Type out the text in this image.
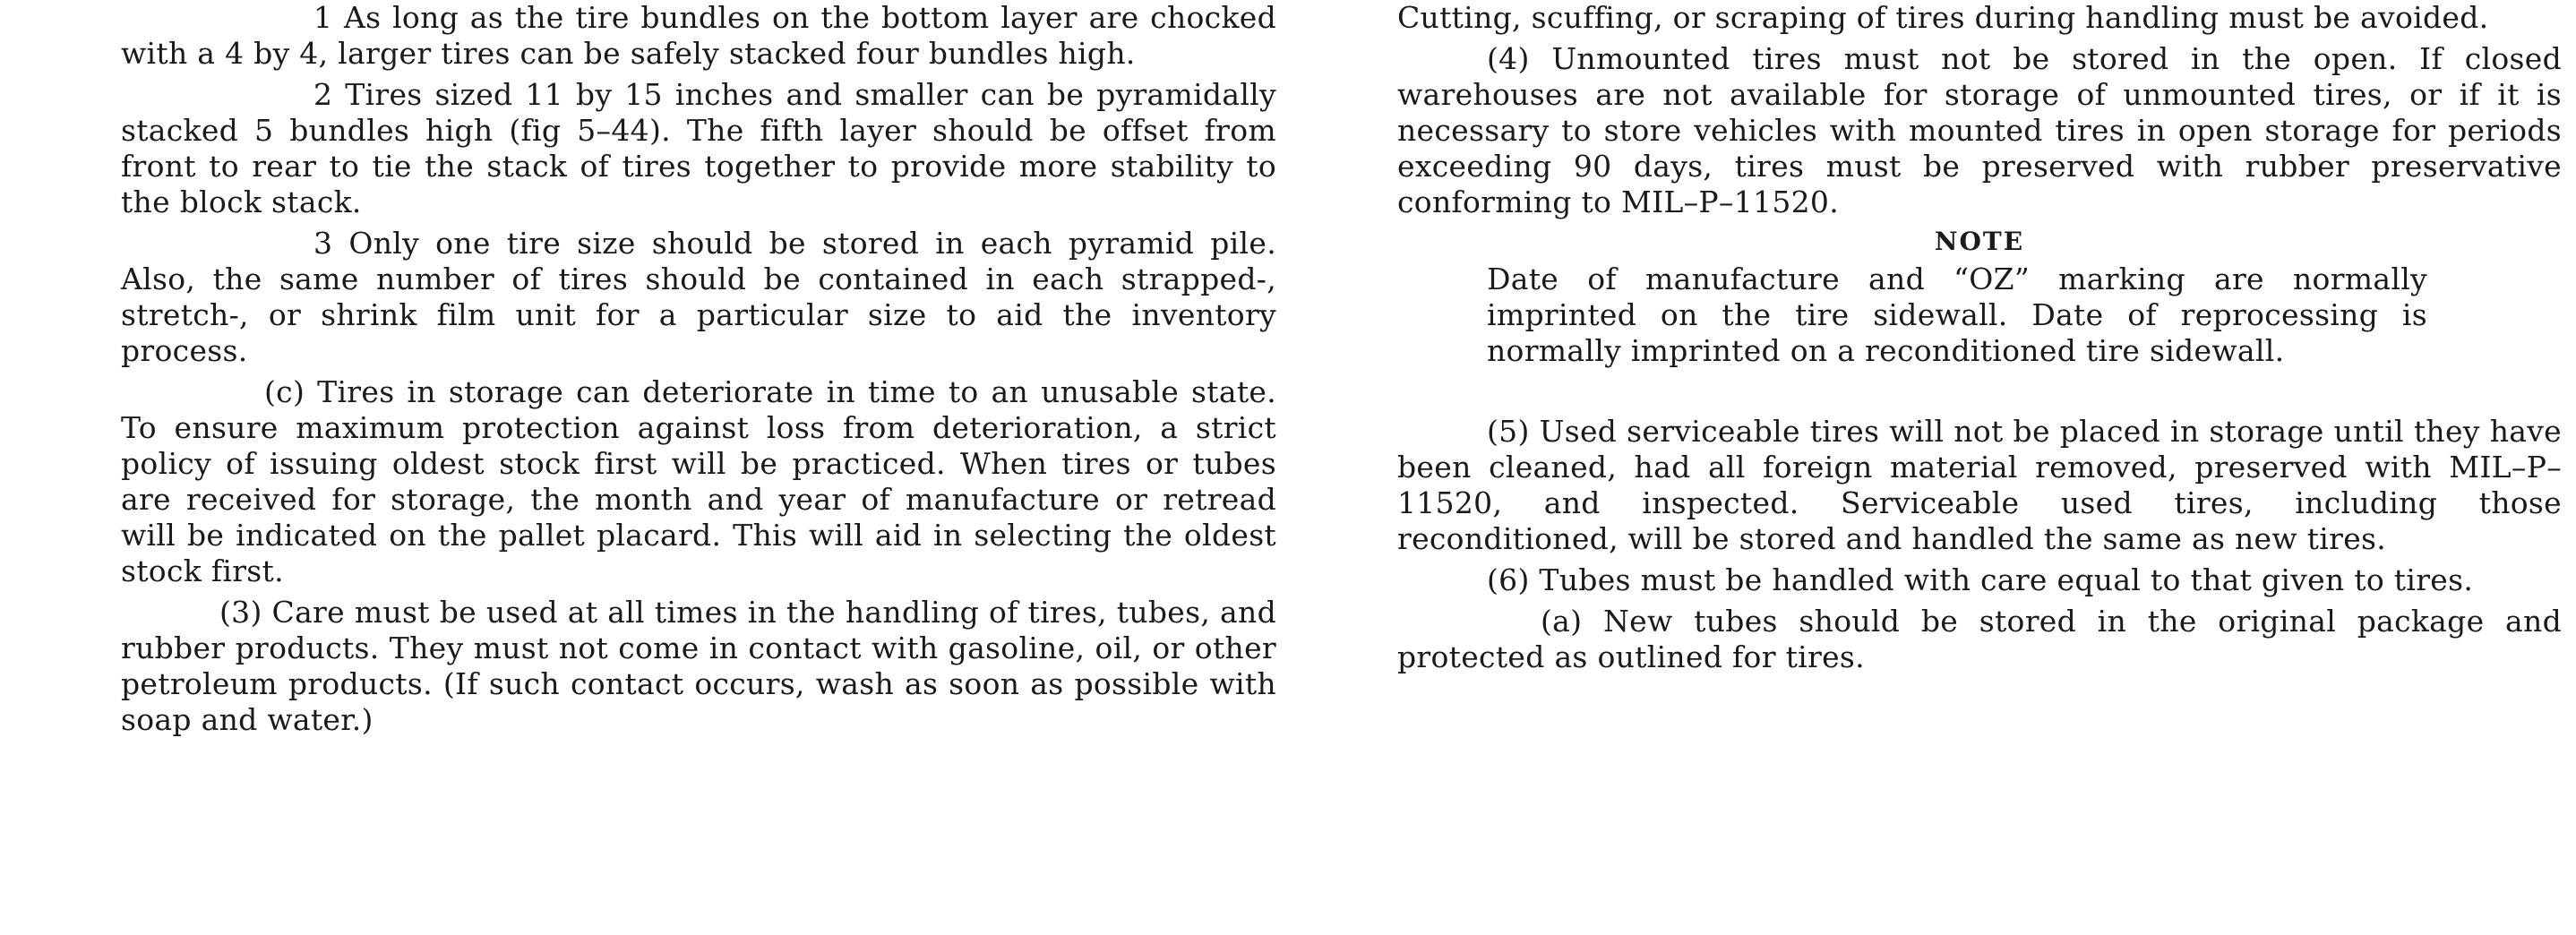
1 As long as the tire bundles on the bottom layer are chocked with a 4 by 4, larger tires can be safely stacked four bundles high.

2 Tires sized 11 by 15 inches and smaller can be pyramidally stacked 5 bundles high (fig 5–44). The fifth layer should be offset from front to rear to tie the stack of tires together to provide more stability to the block stack.

3 Only one tire size should be stored in each pyramid pile. Also, the same number of tires should be contained in each strapped-, stretch-, or shrink film unit for a particular size to aid the inventory process.

(c) Tires in storage can deteriorate in time to an unusable state. To ensure maximum protection against loss from deterioration, a strict policy of issuing oldest stock first will be practiced. When tires or tubes are received for storage, the month and year of manufacture or retread will be indicated on the pallet placard. This will aid in selecting the oldest stock first.

(3) Care must be used at all times in the handling of tires, tubes, and rubber products. They must not come in contact with gasoline, oil, or other petroleum products. (If such contact occurs, wash as soon as possible with soap and water.)

Cutting, scuffing, or scraping of tires during handling must be avoided.

(4) Unmounted tires must not be stored in the open. If closed warehouses are not available for storage of unmounted tires, or if it is necessary to store vehicles with mounted tires in open storage for periods exceeding 90 days, tires must be preserved with rubber preservative conforming to MIL–P–11520.

NOTE

Date of manufacture and “OZ” marking are normally imprinted on the tire sidewall. Date of reprocessing is normally imprinted on a reconditioned tire sidewall.

(5) Used serviceable tires will not be placed in storage until they have been cleaned, had all foreign material removed, preserved with MIL–P–11520, and inspected. Serviceable used tires, including those reconditioned, will be stored and handled the same as new tires.

(6) Tubes must be handled with care equal to that given to tires.

(a) New tubes should be stored in the original package and protected as outlined for tires.
